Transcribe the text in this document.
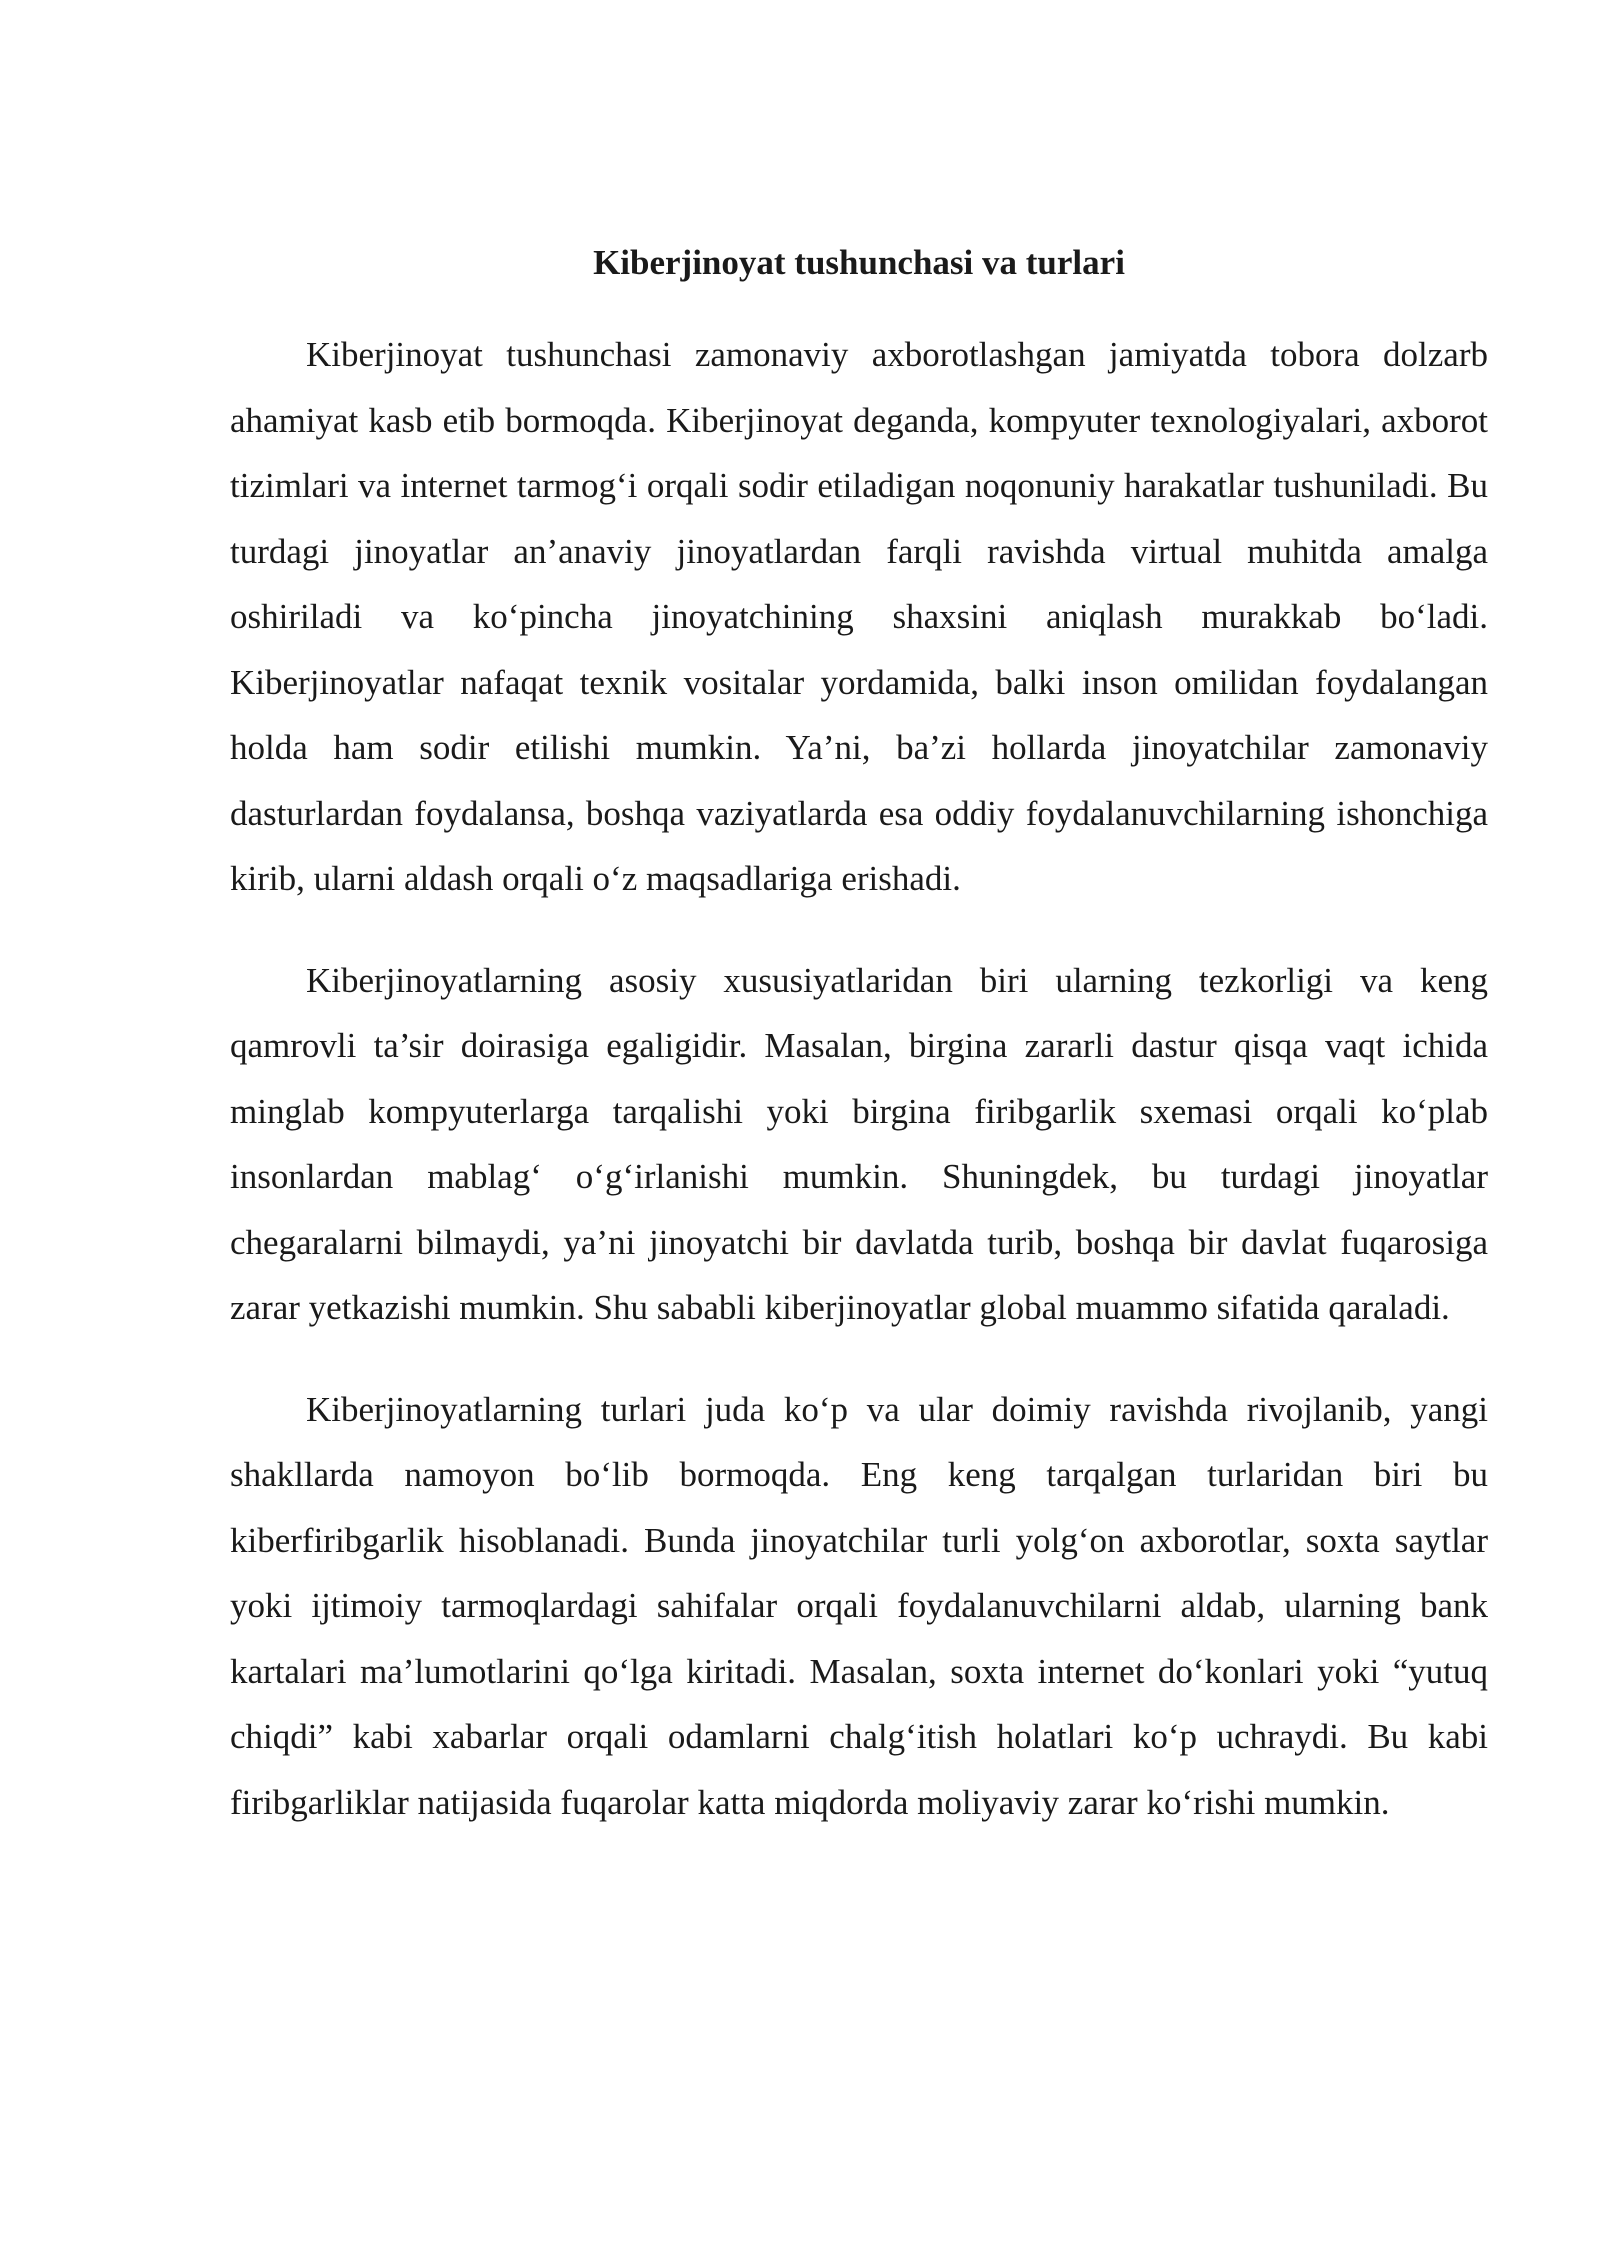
Kiberjinoyat tushunchasi va turlari

Kiberjinoyat tushunchasi zamonaviy axborotlashgan jamiyatda tobora dolzarb ahamiyat kasb etib bormoqda. Kiberjinoyat deganda, kompyuter texnologiyalari, axborot tizimlari va internet tarmog‘i orqali sodir etiladigan noqonuniy harakatlar tushuniladi. Bu turdagi jinoyatlar an’anaviy jinoyatlardan farqli ravishda virtual muhitda amalga oshiriladi va ko‘pincha jinoyatchining shaxsini aniqlash murakkab bo‘ladi. Kiberjinoyatlar nafaqat texnik vositalar yordamida, balki inson omilidan foydalangan holda ham sodir etilishi mumkin. Ya’ni, ba’zi hollarda jinoyatchilar zamonaviy dasturlardan foydalansa, boshqa vaziyatlarda esa oddiy foydalanuvchilarning ishonchiga kirib, ularni aldash orqali o‘z maqsadlariga erishadi.

Kiberjinoyatlarning asosiy xususiyatlaridan biri ularning tezkorligi va keng qamrovli ta’sir doirasiga egaligidir. Masalan, birgina zararli dastur qisqa vaqt ichida minglab kompyuterlarga tarqalishi yoki birgina firibgarlik sxemasi orqali ko‘plab insonlardan mablag‘ o‘g‘irlanishi mumkin. Shuningdek, bu turdagi jinoyatlar chegaralarni bilmaydi, ya’ni jinoyatchi bir davlatda turib, boshqa bir davlat fuqarosiga zarar yetkazishi mumkin. Shu sababli kiberjinoyatlar global muammo sifatida qaraladi.

Kiberjinoyatlarning turlari juda ko‘p va ular doimiy ravishda rivojlanib, yangi shakllarda namoyon bo‘lib bormoqda. Eng keng tarqalgan turlaridan biri bu kiberfiribgarlik hisoblanadi. Bunda jinoyatchilar turli yolg‘on axborotlar, soxta saytlar yoki ijtimoiy tarmoqlardagi sahifalar orqali foydalanuvchilarni aldab, ularning bank kartalari ma’lumotlarini qo‘lga kiritadi. Masalan, soxta internet do‘konlari yoki “yutuq chiqdi” kabi xabarlar orqali odamlarni chalg‘itish holatlari ko‘p uchraydi. Bu kabi firibgarliklar natijasida fuqarolar katta miqdorda moliyaviy zarar ko‘rishi mumkin.
